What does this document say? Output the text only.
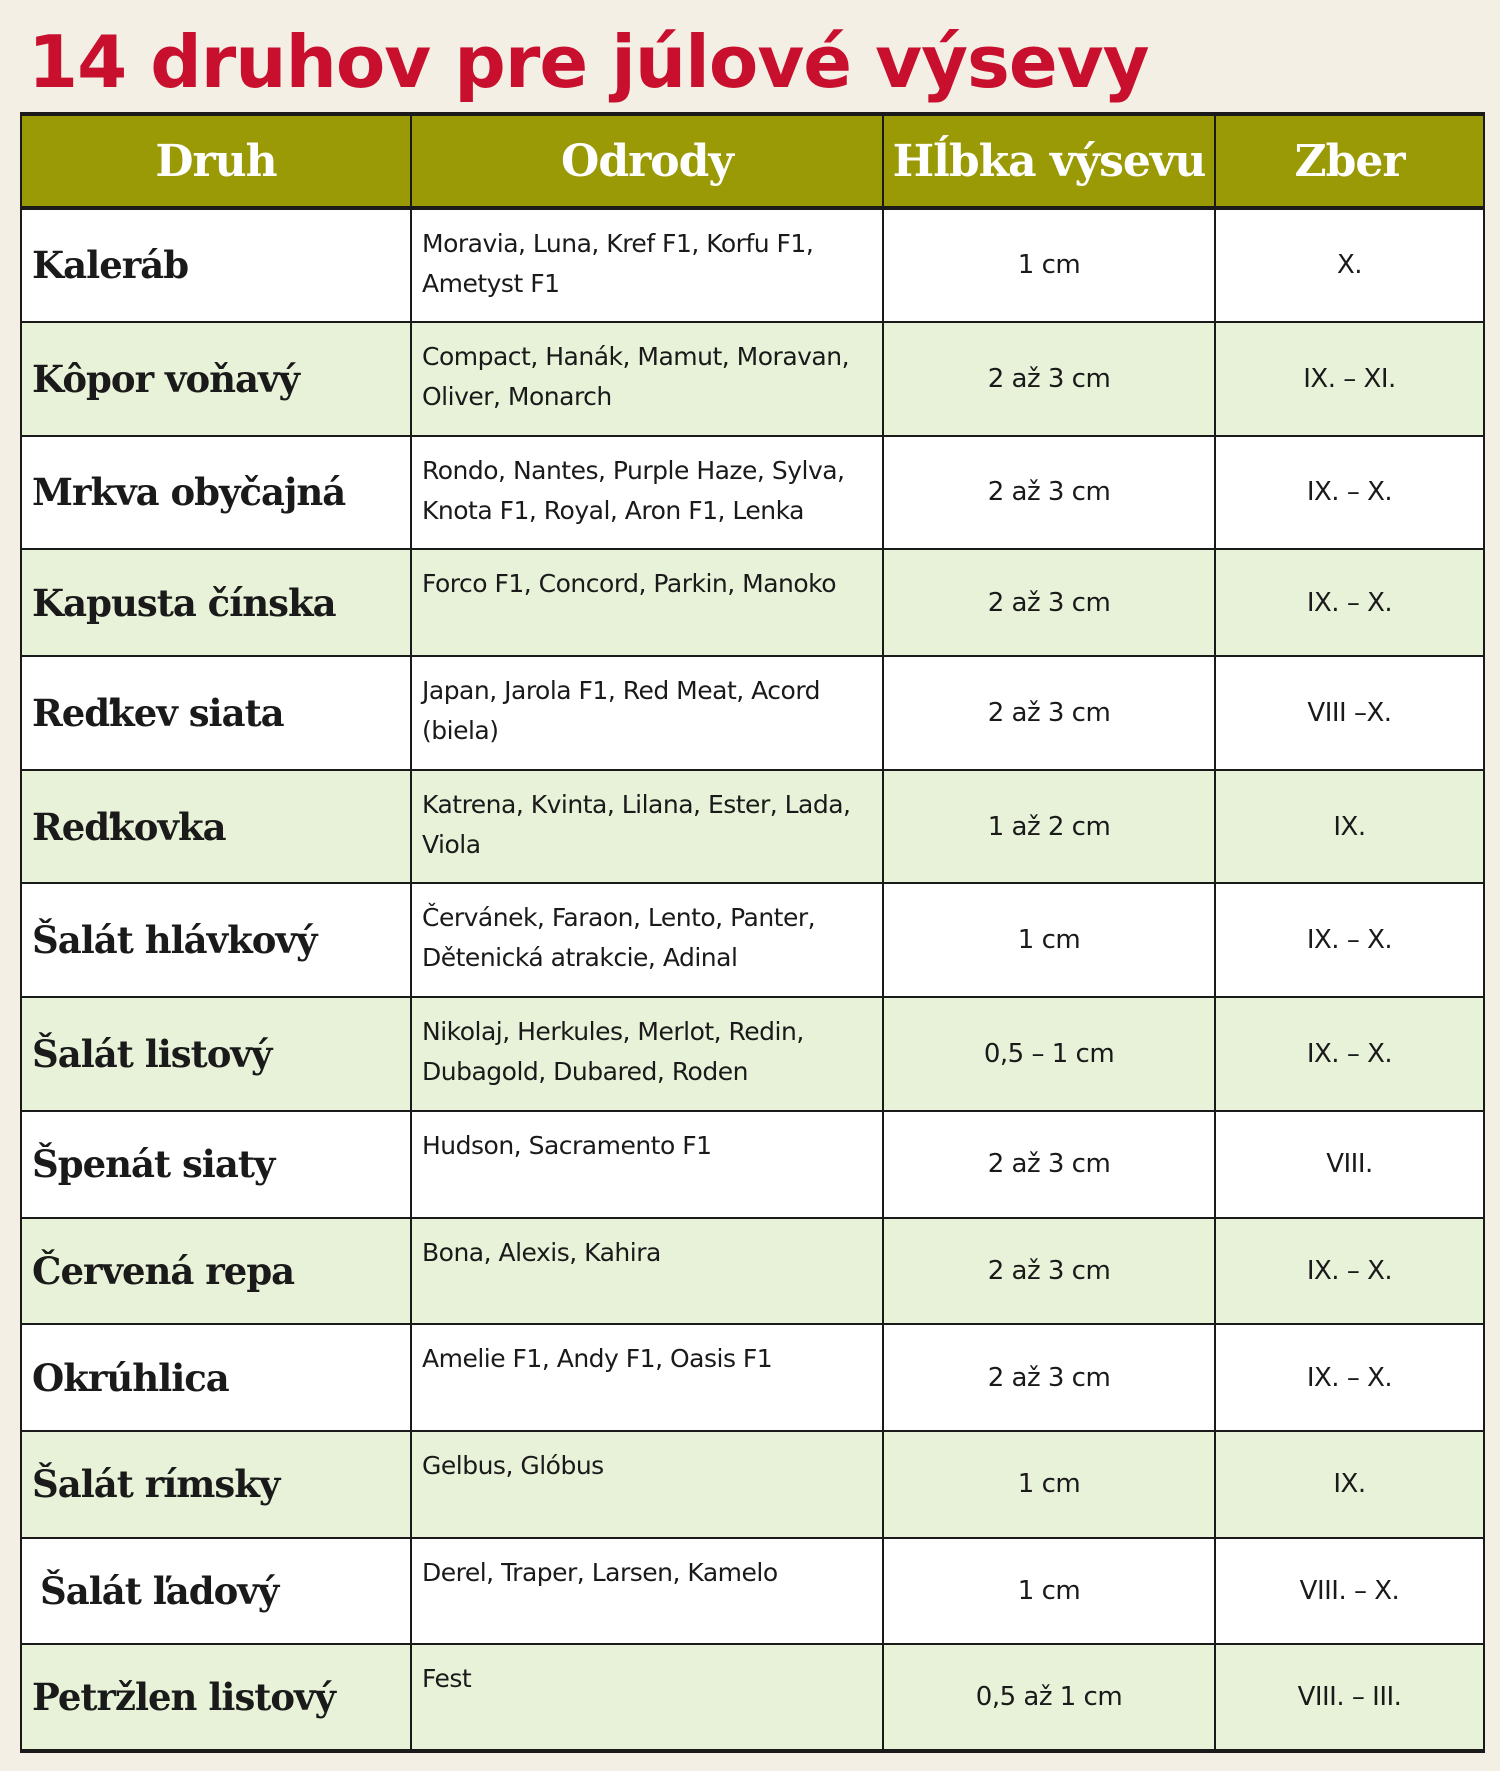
14 druhov pre júlové výsevy
Druh	Odrody	Hĺbka výsevu	Zber
Kaleráb	Moravia, Luna, Kref F1, Korfu F1, Ametyst F1	1 cm	X.
Kôpor voňavý	Compact, Hanák, Mamut, Moravan, Oliver, Monarch	2 až 3 cm	IX. – XI.
Mrkva obyčajná	Rondo, Nantes, Purple Haze, Sylva, Knota F1, Royal, Aron F1, Lenka	2 až 3 cm	IX. – X.
Kapusta čínska	Forco F1, Concord, Parkin, Manoko	2 až 3 cm	IX. – X.
Reďkev siata	Japan, Jarola F1, Red Meat, Acord (biela)	2 až 3 cm	VIII –X.
Reďkovka	Katrena, Kvinta, Lilana, Ester, Lada, Viola	1 až 2 cm	IX.
Šalát hlávkový	Červánek, Faraon, Lento, Panter, Dětenická atrakcie, Adinal	1 cm	IX. – X.
Šalát listový	Nikolaj, Herkules, Merlot, Redin, Dubagold, Dubared, Roden	0,5 – 1 cm	IX. – X.
Špenát siaty	Hudson, Sacramento F1	2 až 3 cm	VIII.
Červená repa	Bona, Alexis, Kahira	2 až 3 cm	IX. – X.
Okrúhlica	Amelie F1, Andy F1, Oasis F1	2 až 3 cm	IX. – X.
Šalát rímsky	Gelbus, Glóbus	1 cm	IX.
Šalát ľadový	Derel, Traper, Larsen, Kamelo	1 cm	VIII. – X.
Petržlen listový	Fest	0,5 až 1 cm	VIII. – III.
